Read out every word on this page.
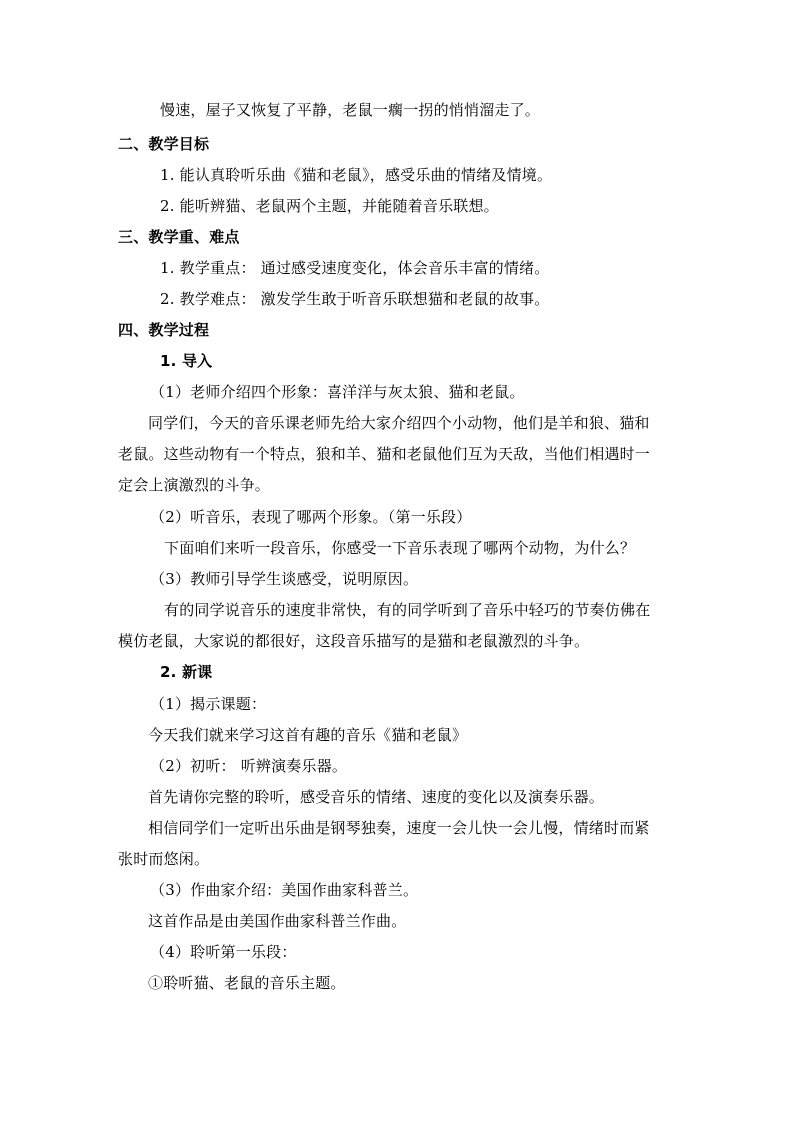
慢速，屋子又恢复了平静，老鼠一瘸一拐的悄悄溜走了。
二、教学目标
1. 能认真聆听乐曲《猫和老鼠》，感受乐曲的情绪及情境。
2. 能听辨猫、老鼠两个主题，并能随着音乐联想。
三、教学重、难点
1. 教学重点： 通过感受速度变化，体会音乐丰富的情绪。
2. 教学难点： 激发学生敢于听音乐联想猫和老鼠的故事。
四、教学过程
1. 导入
（1）老师介绍四个形象：喜洋洋与灰太狼、猫和老鼠。
同学们，今天的音乐课老师先给大家介绍四个小动物，他们是羊和狼、猫和
老鼠。这些动物有一个特点，狼和羊、猫和老鼠他们互为天敌，当他们相遇时一
定会上演激烈的斗争。
（2）听音乐，表现了哪两个形象。（第一乐段）
下面咱们来听一段音乐，你感受一下音乐表现了哪两个动物，为什么？
（3）教师引导学生谈感受，说明原因。
有的同学说音乐的速度非常快，有的同学听到了音乐中轻巧的节奏仿佛在
模仿老鼠，大家说的都很好，这段音乐描写的是猫和老鼠激烈的斗争。
2. 新课
（1）揭示课题：
今天我们就来学习这首有趣的音乐《猫和老鼠》
（2）初听： 听辨演奏乐器。
首先请你完整的聆听，感受音乐的情绪、速度的变化以及演奏乐器。
相信同学们一定听出乐曲是钢琴独奏，速度一会儿快一会儿慢，情绪时而紧
张时而悠闲。
（3）作曲家介绍：美国作曲家科普兰。
这首作品是由美国作曲家科普兰作曲。
（4）聆听第一乐段：
①聆听猫、老鼠的音乐主题。
